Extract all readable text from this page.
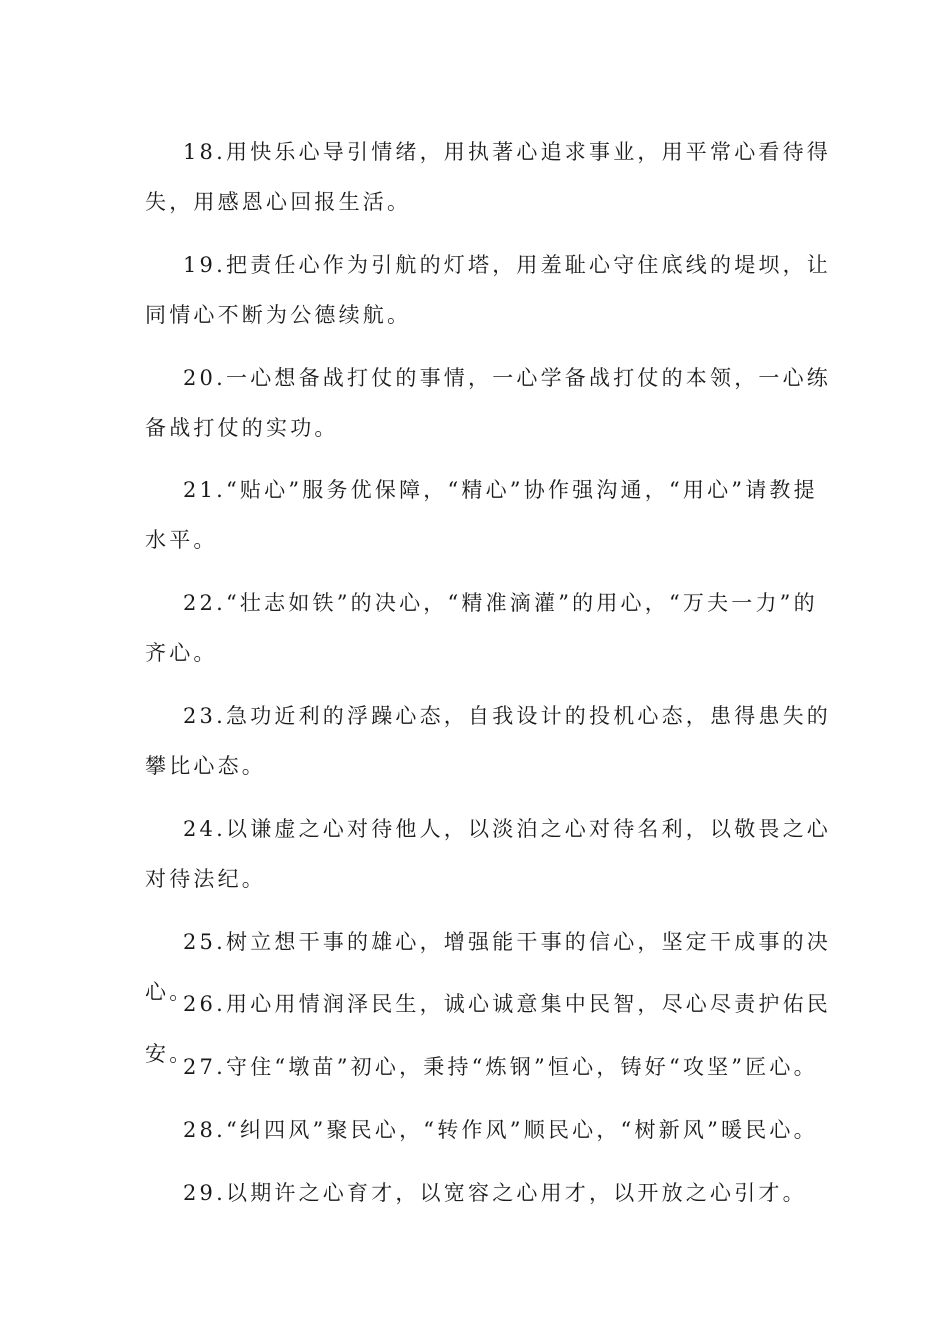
18.用快乐心导引情绪，用执著心追求事业，用平常心看待得失，用感恩心回报生活。

19.把责任心作为引航的灯塔，用羞耻心守住底线的堤坝，让同情心不断为公德续航。

20.一心想备战打仗的事情，一心学备战打仗的本领，一心练备战打仗的实功。

21.“贴心”服务优保障，“精心”协作强沟通，“用心”请教提水平。

22.“壮志如铁”的决心，“精准滴灌”的用心，“万夫一力”的齐心。

23.急功近利的浮躁心态，自我设计的投机心态，患得患失的攀比心态。

24.以谦虚之心对待他人，以淡泊之心对待名利，以敬畏之心对待法纪。

25.树立想干事的雄心，增强能干事的信心，坚定干成事的决心。

26.用心用情润泽民生，诚心诚意集中民智，尽心尽责护佑民安。

27.守住“墩苗”初心，秉持“炼钢”恒心，铸好“攻坚”匠心。

28.“纠四风”聚民心，“转作风”顺民心，“树新风”暖民心。

29.以期许之心育才，以宽容之心用才，以开放之心引才。
